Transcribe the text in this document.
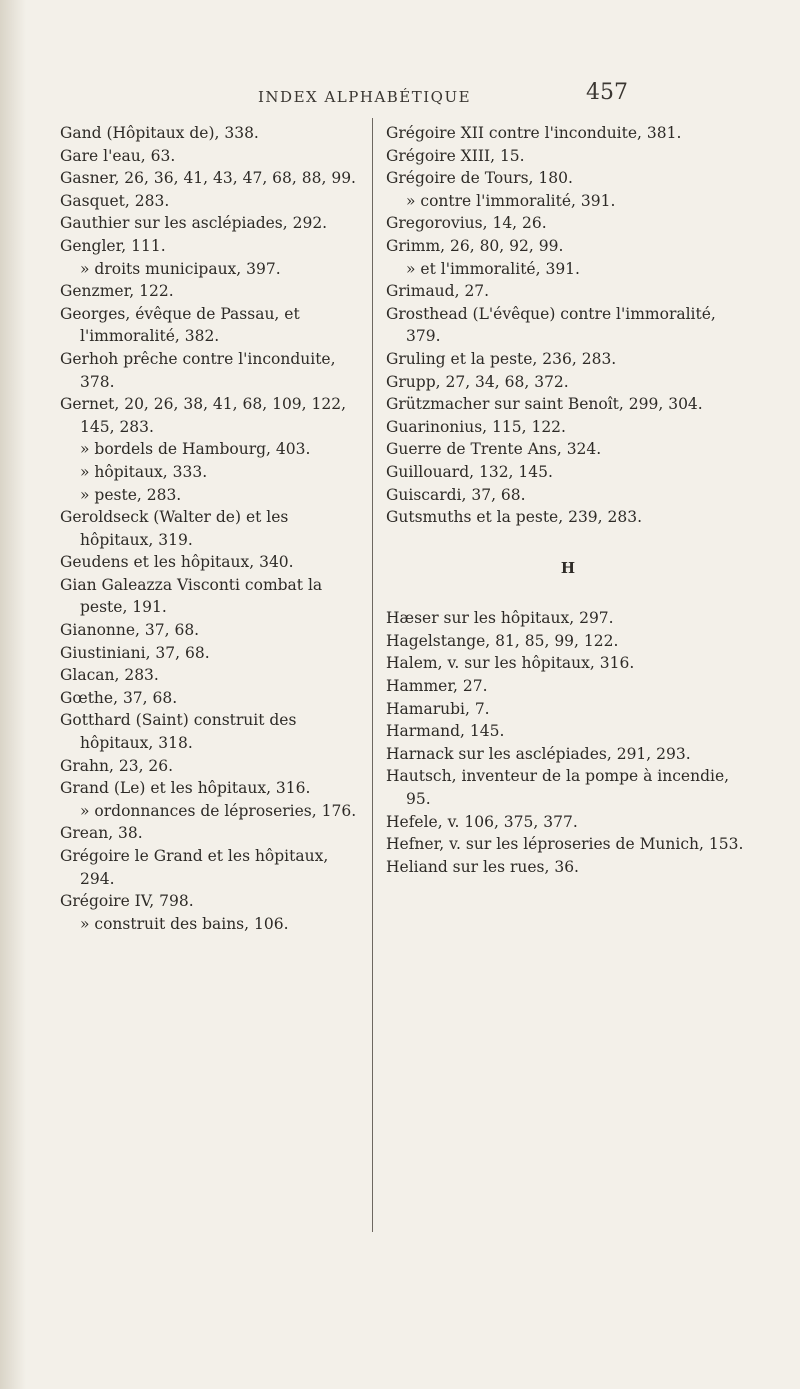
INDEX ALPHABÉTIQUE	457

Gand (Hôpitaux de), 338.

Gare l'eau, 63.

Gasner, 26, 36, 41, 43, 47, 68, 88, 99.

Gasquet, 283.

Gauthier sur les asclépiades, 292.

Gengler, 111.

» droits municipaux, 397.

Genzmer, 122.

Georges, évêque de Passau, et l'immoralité, 382.

Gerhoh prêche contre l'inconduite, 378.

Gernet, 20, 26, 38, 41, 68, 109, 122, 145, 283.

» bordels de Hambourg, 403.

» hôpitaux, 333.

» peste, 283.

Geroldseck (Walter de) et les hôpitaux, 319.

Geudens et les hôpitaux, 340.

Gian Galeazza Visconti combat la peste, 191.

Gianonne, 37, 68.

Giustiniani, 37, 68.

Glacan, 283.

Gœthe, 37, 68.

Gotthard (Saint) construit des hôpitaux, 318.

Grahn, 23, 26.

Grand (Le) et les hôpitaux, 316.

» ordonnances de léproseries, 176.

Grean, 38.

Grégoire le Grand et les hôpitaux, 294.

Grégoire IV, 798.

» construit des bains, 106.

Grégoire XII contre l'inconduite, 381.

Grégoire XIII, 15.

Grégoire de Tours, 180.

» contre l'immoralité, 391.

Gregorovius, 14, 26.

Grimm, 26, 80, 92, 99.

» et l'immoralité, 391.

Grimaud, 27.

Grosthead (L'évêque) contre l'immoralité, 379.

Gruling et la peste, 236, 283.

Grupp, 27, 34, 68, 372.

Grützmacher sur saint Benoît, 299, 304.

Guarinonius, 115, 122.

Guerre de Trente Ans, 324.

Guillouard, 132, 145.

Guiscardi, 37, 68.

Gutsmuths et la peste, 239, 283.

H

Hæser sur les hôpitaux, 297.

Hagelstange, 81, 85, 99, 122.

Halem, v. sur les hôpitaux, 316.

Hammer, 27.

Hamarubi, 7.

Harmand, 145.

Harnack sur les asclépiades, 291, 293.

Hautsch, inventeur de la pompe à incendie, 95.

Hefele, v. 106, 375, 377.

Hefner, v. sur les léproseries de Munich, 153.

Heliand sur les rues, 36.
